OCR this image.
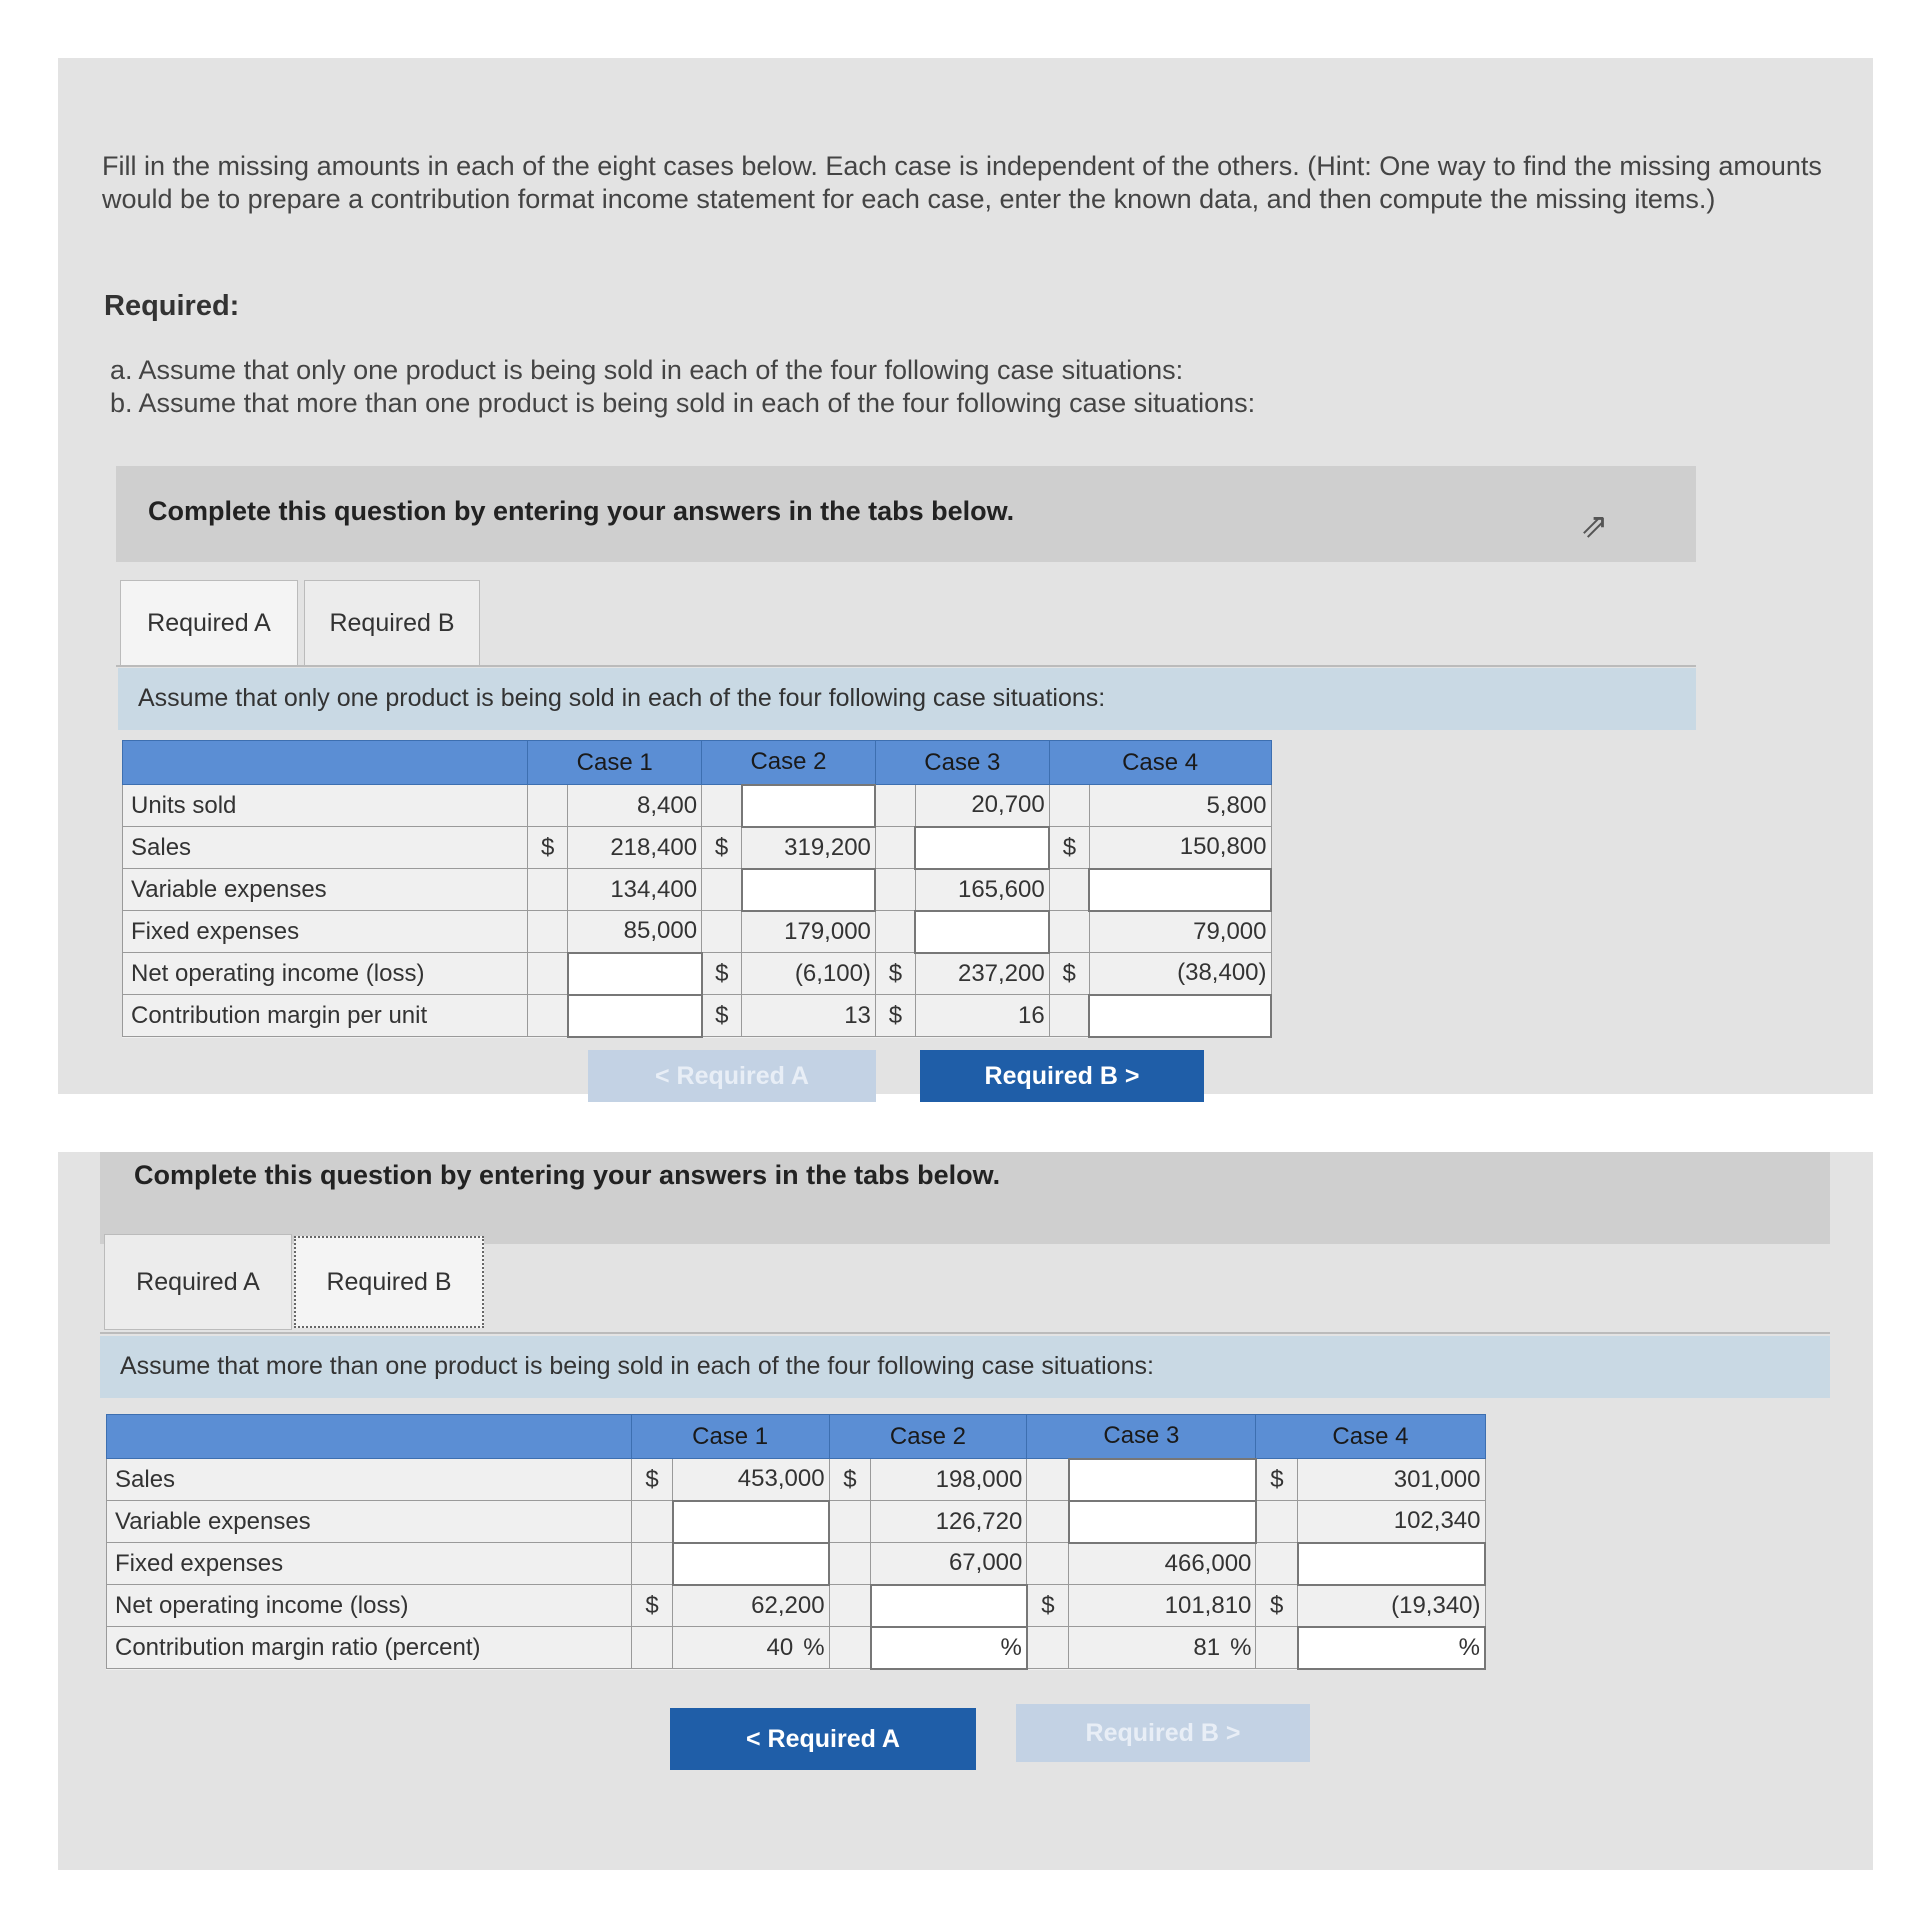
Fill in the missing amounts in each of the eight cases below. Each case is independent of the others. (Hint: One way to find the missing amounts would be to prepare a contribution format income statement for each case, enter the known data, and then compute the missing items.)
Required:
a. Assume that only one product is being sold in each of the four following case situations:
b. Assume that more than one product is being sold in each of the four following case situations:
Complete this question by entering your answers in the tabs below.
Required A	Required B
Assume that only one product is being sold in each of the four following case situations:
	Case 1		Case 2		Case 3		Case 4	
Units sold		8,400				20,700		5,800
Sales	$	218,400	$	319,200			$	150,800
Variable expenses		134,400				165,600		
Fixed expenses		85,000		179,000				79,000
Net operating income (loss)			$	(6,100)	$	237,200	$	(38,400)
Contribution margin per unit			$	13	$	16		
< Required A	Required B >
⇗
Complete this question by entering your answers in the tabs below.
Required A	Required B
Assume that more than one product is being sold in each of the four following case situations:
	Case 1		Case 2		Case 3		Case 4	
Sales	$	453,000	$	198,000			$	301,000
Variable expenses				126,720				102,340
Fixed expenses				67,000		466,000		
Net operating income (loss)	$	62,200			$	101,810	$	(19,340)
Contribution margin ratio (percent)		40 %		%		81 %		%
< Required A	Required B >
